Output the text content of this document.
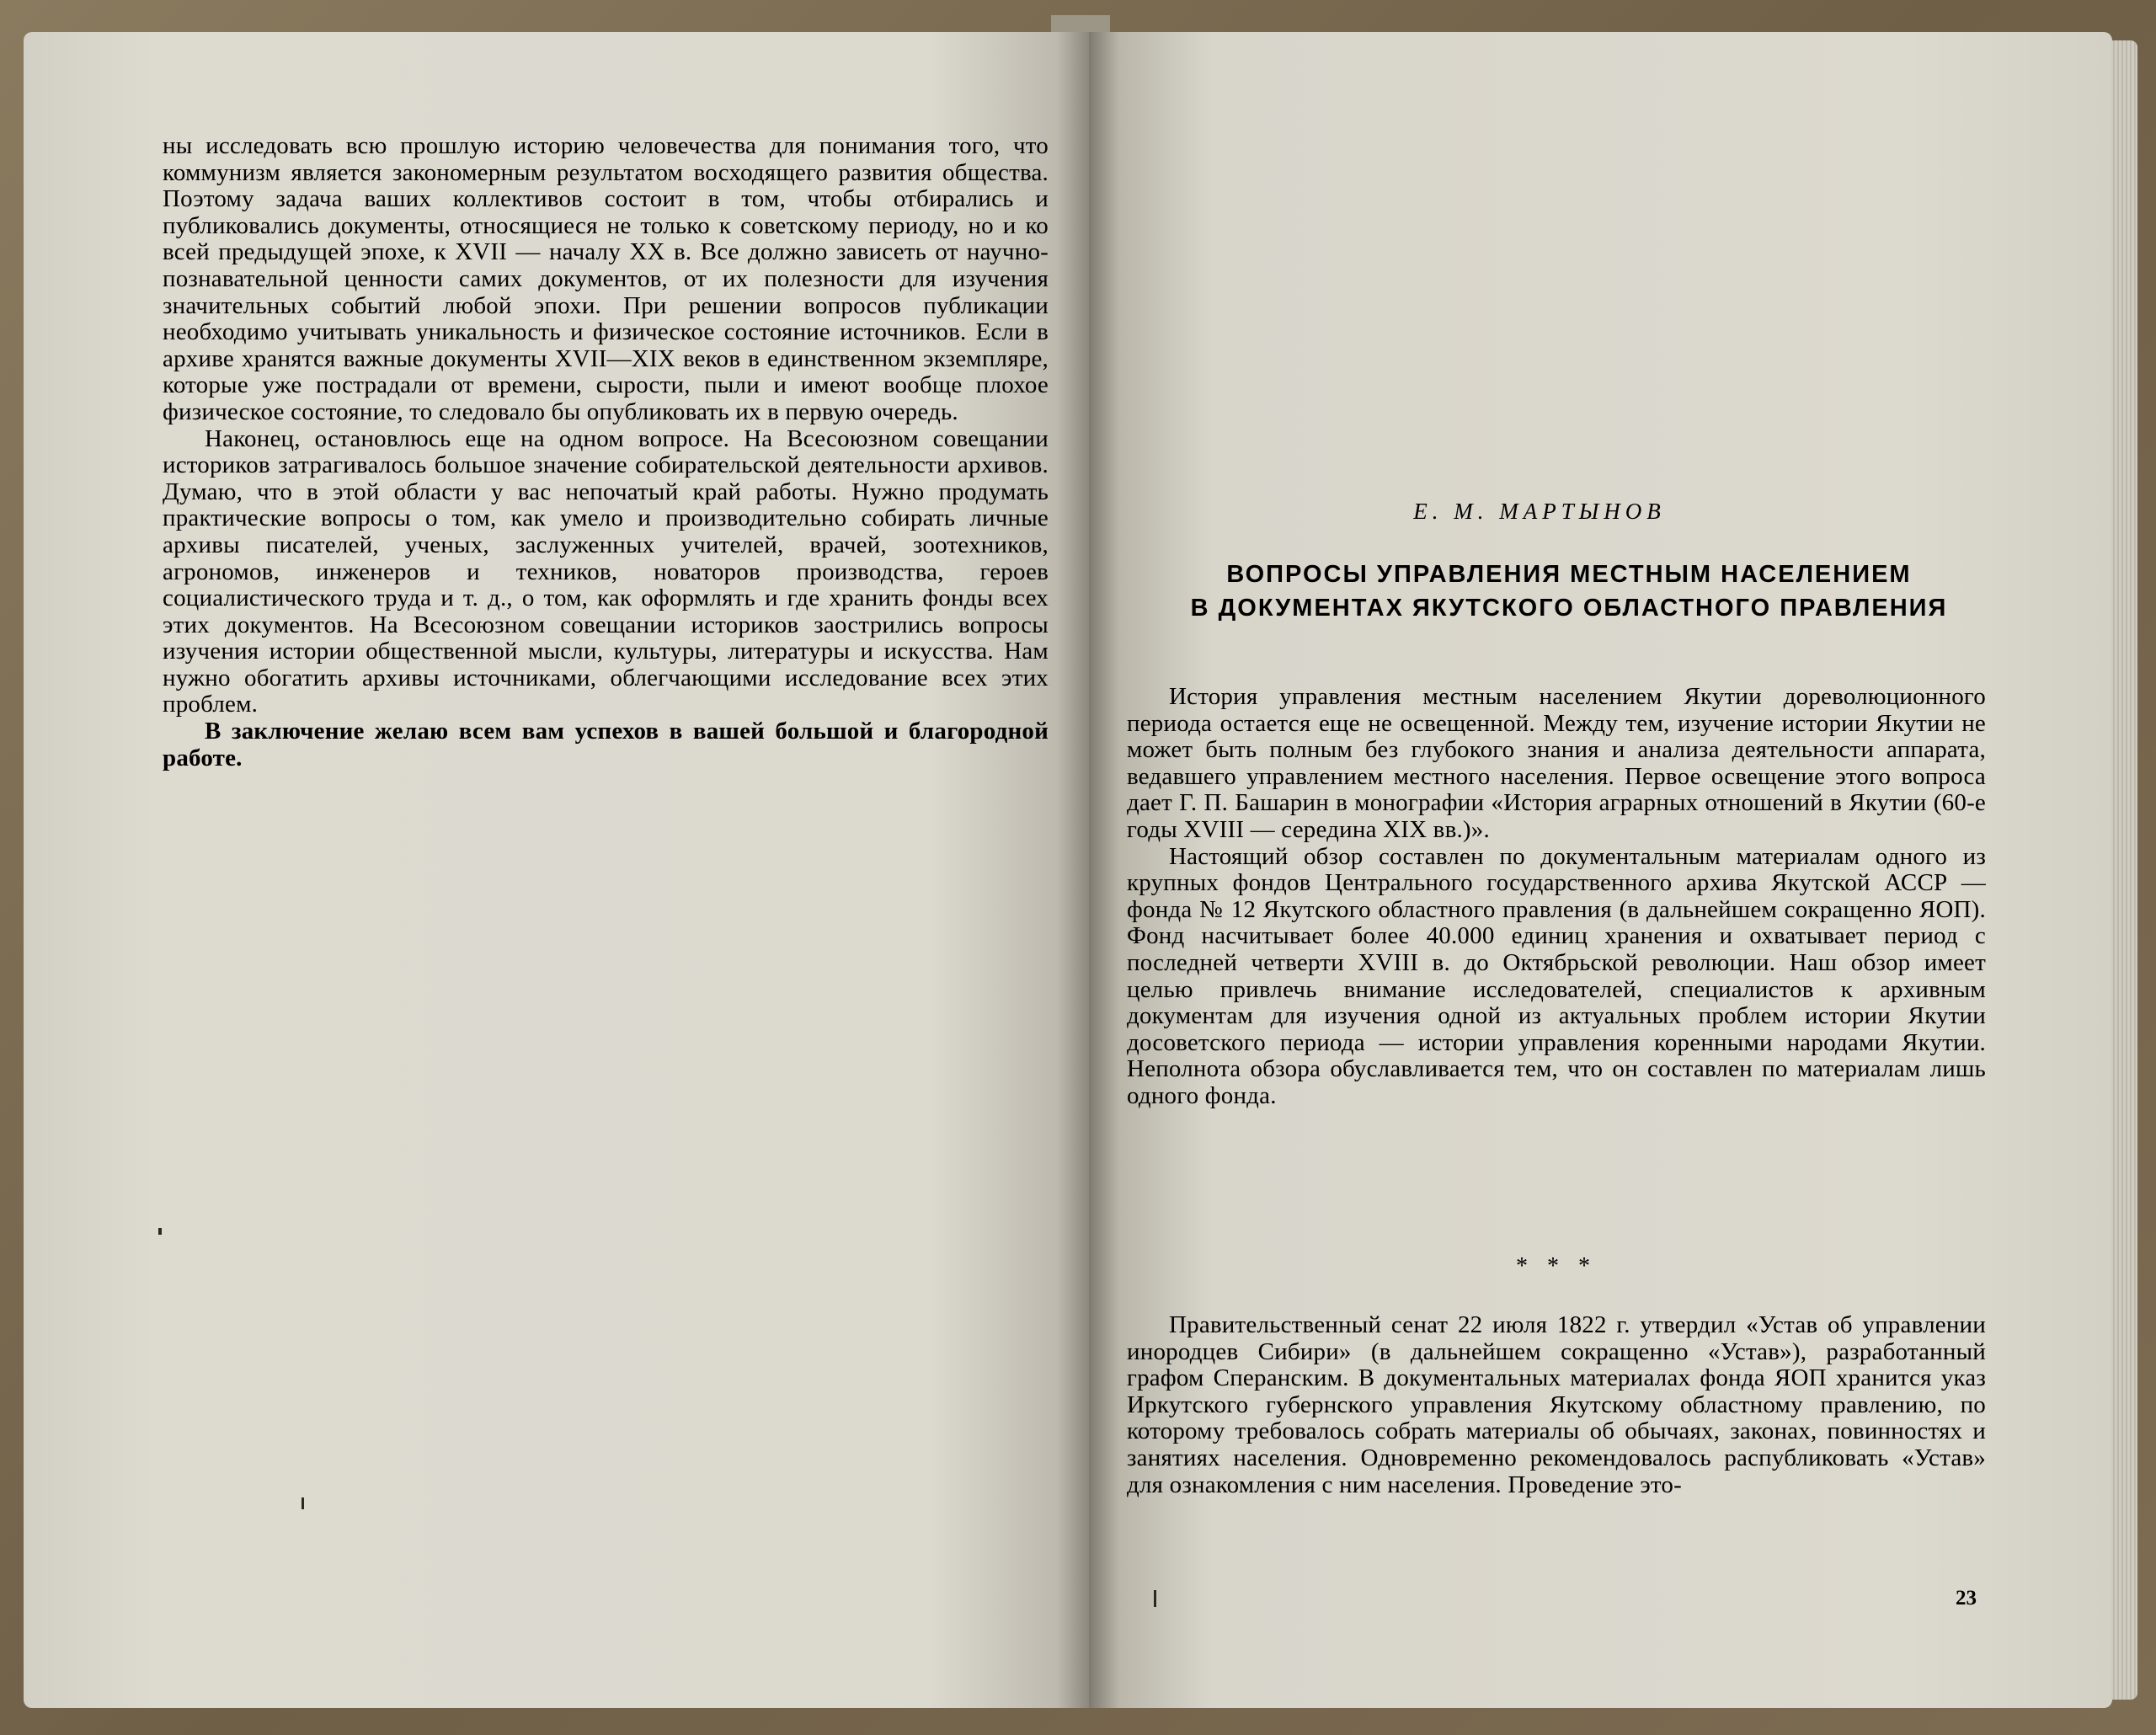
ны исследовать всю прошлую историю человечества для понимания того, что коммунизм является закономерным результатом восходящего развития общества. Поэтому задача ваших коллективов состоит в том, чтобы отбирались и публиковались документы, относящиеся не только к советскому периоду, но и ко всей предыдущей эпохе, к XVII — началу XX в. Все должно зависеть от научно-познавательной ценности самих документов, от их полезности для изучения значительных событий любой эпохи. При решении вопросов публикации необходимо учитывать уникальность и физическое состояние источников. Если в архиве хранятся важные документы XVII—XIX веков в единственном экземпляре, которые уже пострадали от времени, сырости, пыли и имеют вообще плохое физическое состояние, то следовало бы опубликовать их в первую очередь.

Наконец, остановлюсь еще на одном вопросе. На Всесоюзном совещании историков затрагивалось большое значение собирательской деятельности архивов. Думаю, что в этой области у вас непочатый край работы. Нужно продумать практические вопросы о том, как умело и производительно собирать личные архивы писателей, ученых, заслуженных учителей, врачей, зоотехников, агрономов, инженеров и техников, новаторов производства, героев социалистического труда и т. д., о том, как оформлять и где хранить фонды всех этих документов. На Всесоюзном совещании историков заострились вопросы изучения истории общественной мысли, культуры, литературы и искусства. Нам нужно обогатить архивы источниками, облегчающими исследование всех этих проблем.

В заключение желаю всем вам успехов в вашей большой и благородной работе.

Е. М. МАРТЫНОВ
ВОПРОСЫ УПРАВЛЕНИЯ МЕСТНЫМ НАСЕЛЕНИЕМ
В ДОКУМЕНТАХ ЯКУТСКОГО ОБЛАСТНОГО ПРАВЛЕНИЯ

История управления местным населением Якутии дореволюционного периода остается еще не освещенной. Между тем, изучение истории Якутии не может быть полным без глубокого знания и анализа деятельности аппарата, ведавшего управлением местного населения. Первое освещение этого вопроса дает Г. П. Башарин в монографии «История аграрных отношений в Якутии (60-е годы XVIII — середина XIX вв.)».

Настоящий обзор составлен по документальным материалам одного из крупных фондов Центрального государственного архива Якутской АССР — фонда № 12 Якутского областного правления (в дальнейшем сокращенно ЯОП). Фонд насчитывает более 40.000 единиц хранения и охватывает период с последней четверти XVIII в. до Октябрьской революции. Наш обзор имеет целью привлечь внимание исследователей, специалистов к архивным документам для изучения одной из актуальных проблем истории Якутии досоветского периода — истории управления коренными народами Якутии. Неполнота обзора обуславливается тем, что он составлен по материалам лишь одного фонда.

* * *

Правительственный сенат 22 июля 1822 г. утвердил «Устав об управлении инородцев Сибири» (в дальнейшем сокращенно «Устав»), разработанный графом Сперанским. В документальных материалах фонда ЯОП хранится указ Иркутского губернского управления Якутскому областному правлению, по которому требовалось собрать материалы об обычаях, законах, повинностях и занятиях населения. Одновременно рекомендовалось распубликовать «Устав» для ознакомления с ним населения. Проведение это-

23
